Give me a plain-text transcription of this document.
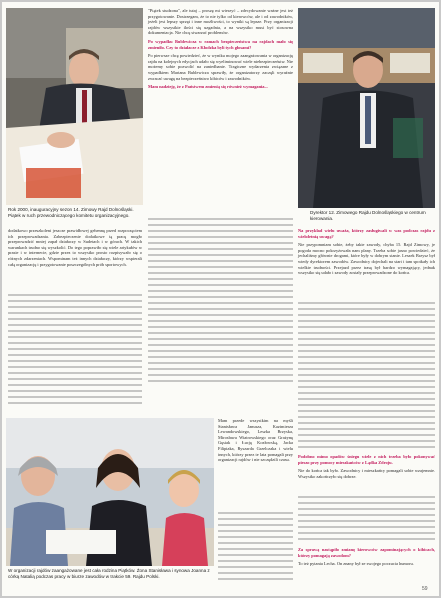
Rok 2000, inauguracyjny sezon 14. Zimowy Rajd Dolnośląski. Piątek w ruch przewodniczącego komitetu organizacyjnego.

"Piątek studzona", ale tutaj – proszę mi wierzyć – zdecydowanie ważne jest też przygotowanie. Dostrzegam, że to nie tylko od kierowców, ale i od zawodników, jeżeli jest lepszy sprzęt i inne możliwości, to wyniki są lepsze. Przy organizacji rajdów wszystkie ilości się uzgadnia, a na wszystko musi być stosowna dokumentacja. Nie chcę stwarzać problemów.

Po wypadku Bublewicza w ramach bezpieczeństwa na rajdach mało się zmieniło. Czy to działacze z Kłodzka byli tych głosami?

Po pierwsze chcę powiedzieć, że w wyniku mojego zaangażowania w organizację rajdu na kolejnych edycjach udało się wyeliminować wiele niebezpieczeństw. Nie możemy sobie pozwolić na zaniedbanie. Tragiczne wydarzenia związane z wypadkiem Mariana Bublewicza sprawiły, że organizatorzy zaczęli wyraźnie zwracać uwagę na bezpieczeństwo kibiców i zawodników.

Mam nadzieję, że z Państwem zmienią się również wymagania...

Dyrektor 12. Zimowego Rajdu Dolnośląskiego w centrum kierowania.

dodatkowo przeszkoleni jeszcze prawidłowej gehennę przed rozpoczęciem ich przeprowadzania. Zabezpieczenie dodatkowe tą pracę mogło przeprowadzić mniej zapał działaczy w Sudetach i w górach. W takich warunkach trudno się wyszkolić. Do tego poprawiło się wiele artykułów w prasie i w internecie, gdzie przez to wszystko prosto rozpisywało się o różnych zdarzeniach. Wspominam też innych działaczy, którzy wspierali całą organizację i przygotowanie poszczególnych prób sportowych.

Na przykład wielu uważa, którzy zasługiwali w was podczas rajdu z wieloletnią uwagą?

Nie przypomniam sobie, żeby takie zawody, chyba 15. Rajd Zimowy, je pogoda mocno pokrzyżowała nam plany. Trzeba sobie jasno powiedzieć, że jechaliśmy głównie drogami, które były w dobrym stanie. Leszek Brzysz był wtedy dyrektorem zawodów. Zawodnicy dojechali na start i tam spotkały ich wielkie trudności. Przejazd przez trasę był bardzo wymagający, jednak wszystko się udało i zawody zostały przeprowadzone do końca.

Podobno mimo opadów śniegu wiele z nich trzeba było pokonywać pieszo przy pomocy mieszkańców z Lądka Zdroju.

Nie do końca tak było. Zawodnicy i mieszkańcy pomagali sobie wzajemnie. Wszystko zakończyło się dobrze.

Za sprawą nastąpiło zmianę kierowców zapominających o kibicach, którzy pomagają zawodom?

To też pytania Lecha. On znany był ze swojego poczucia humoru.

W organizacji rajdów zaangażowane jest cała rodzina Piątków. Żona Stanisława i synowa Joanna z córką Natalią podczas pracy w biurze zawodów w trakcie 59. Rajdu Polski.

Mam przede wszystkim na myśli Stanisława Janusza, Kazimierza Lewandowskiego, Leszka Brzyska, Mirosława Wiatrowskiego oraz Grażynę Gęsiak i Łucję Kozłowską, Jacka Filipiaka, Ryszarda Grzelczaka i wielu innych, którzy przez te lata pomagali przy organizacji rajdów i nie szczędzili czasu.

59
